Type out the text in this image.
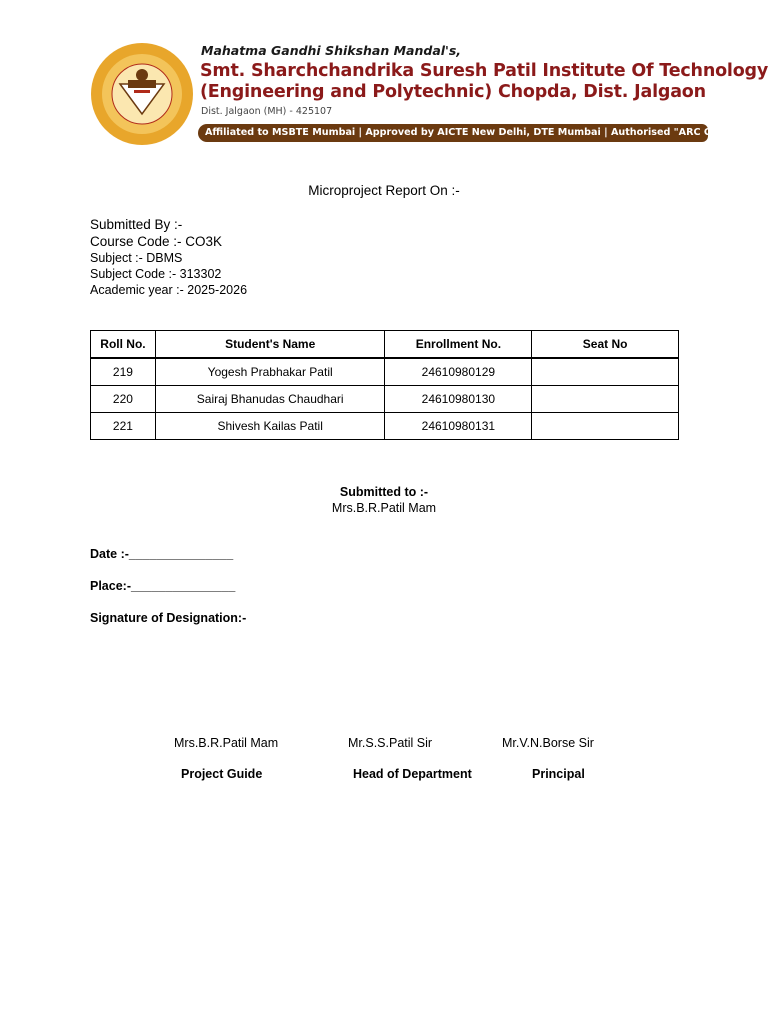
Mahatma Gandhi Shikshan Mandal's,
Smt. Sharchchandrika Suresh Patil Institute Of Technology
(Engineering and Polytechnic) Chopda, Dist. Jalgaon
Dist. Jalgaon (MH) - 425107
Affiliated to MSBTE Mumbai | Approved by AICTE New Delhi, DTE Mumbai | Authorised "ARC Center
Microproject Report On :-
Submitted By :-
Course Code :- CO3K
Subject :- DBMS
Subject Code :- 313302
Academic year :- 2025-2026
Roll No.	Student's Name	Enrollment No.	Seat No
219	Yogesh Prabhakar Patil	24610980129	
220	Sairaj Bhanudas Chaudhari	24610980130	
221	Shivesh Kailas Patil	24610980131	
Submitted to :-
Mrs.B.R.Patil Mam
Date :-_______________
Place:-_______________
Signature of Designation:-
Mrs.B.R.Patil Mam	Mr.S.S.Patil Sir	Mr.V.N.Borse Sir
Project Guide	Head of Department	Principal
